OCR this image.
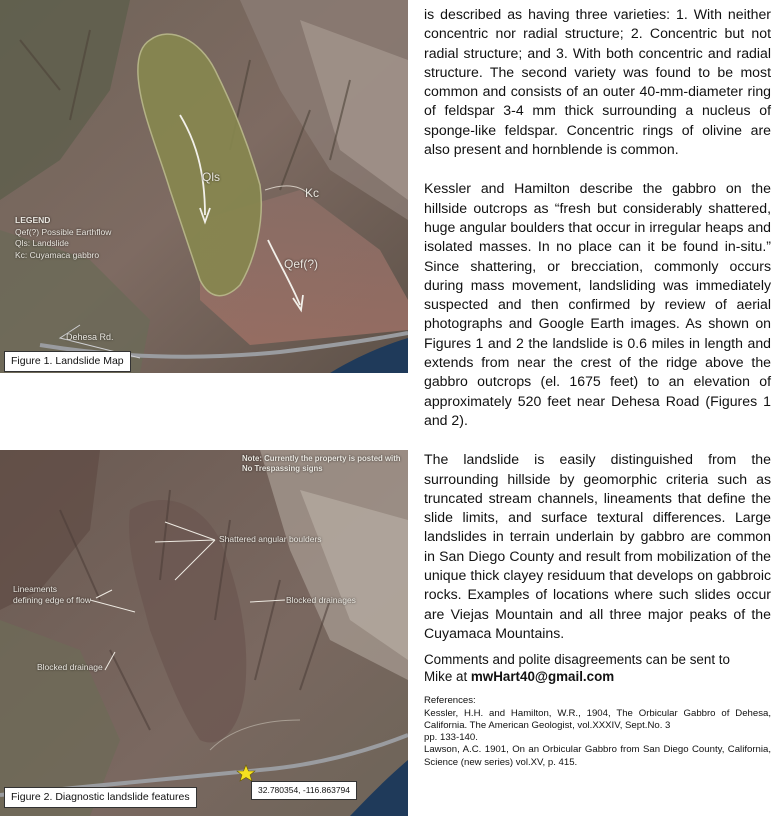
Qls
Kc
Qef(?)
Dehesa Rd.
LEGEND
Qef(?) Possible Earthflow
Qls: Landslide
Kc: Cuyamaca gabbro
Figure 1. Landslide Map
Note: Currently the property is posted with
No Trespassing signs
Shattered angular boulders
Lineaments
defining edge of flow	Blocked drainages
Blocked drainage
Figure 2. Diagnostic landslide features
32.780354, -116.863794

is described as having three varieties: 1. With neither concentric nor radial structure; 2. Concentric but not radial structure; and 3. With both concentric and radial structure. The second variety was found to be most common and consists of an outer 40-mm-diameter ring of feldspar 3-4 mm thick surrounding a nucleus of sponge-like feldspar. Concentric rings of olivine are also present and hornblende is common.

Kessler and Hamilton describe the gabbro on the hillside outcrops as “fresh but considerably shattered, huge angular boulders that occur in irregular heaps and isolated masses. In no place can it be found in-situ.” Since shattering, or brecciation, commonly occurs during mass movement, landsliding was immediately suspected and then confirmed by review of aerial photographs and Google Earth images. As shown on Figures 1 and 2 the landslide is 0.6 miles in length and extends from near the crest of the ridge above the gabbro outcrops (el. 1675 feet) to an elevation of approximately 520 feet near Dehesa Road (Figures 1 and 2).

The landslide is easily distinguished from the surrounding hillside by geomorphic criteria such as truncated stream channels, lineaments that define the slide limits, and surface textural differences. Large landslides in terrain underlain by gabbro are common in San Diego County and result from mobilization of the unique thick clayey residuum that develops on gabbroic rocks. Examples of locations where such slides occur are Viejas Mountain and all three major peaks of the Cuyamaca Mountains.

Comments and polite disagreements can be sent to
Mike at mwHart40@gmail.com
References:
Kessler, H.H. and Hamilton, W.R., 1904, The Orbicular Gabbro of Dehesa, California. The American Geologist, vol.XXXIV, Sept.No. 3
pp. 133-140.
Lawson, A.C. 1901, On an Orbicular Gabbro from San Diego County, California, Science (new series) vol.XV, p. 415.
